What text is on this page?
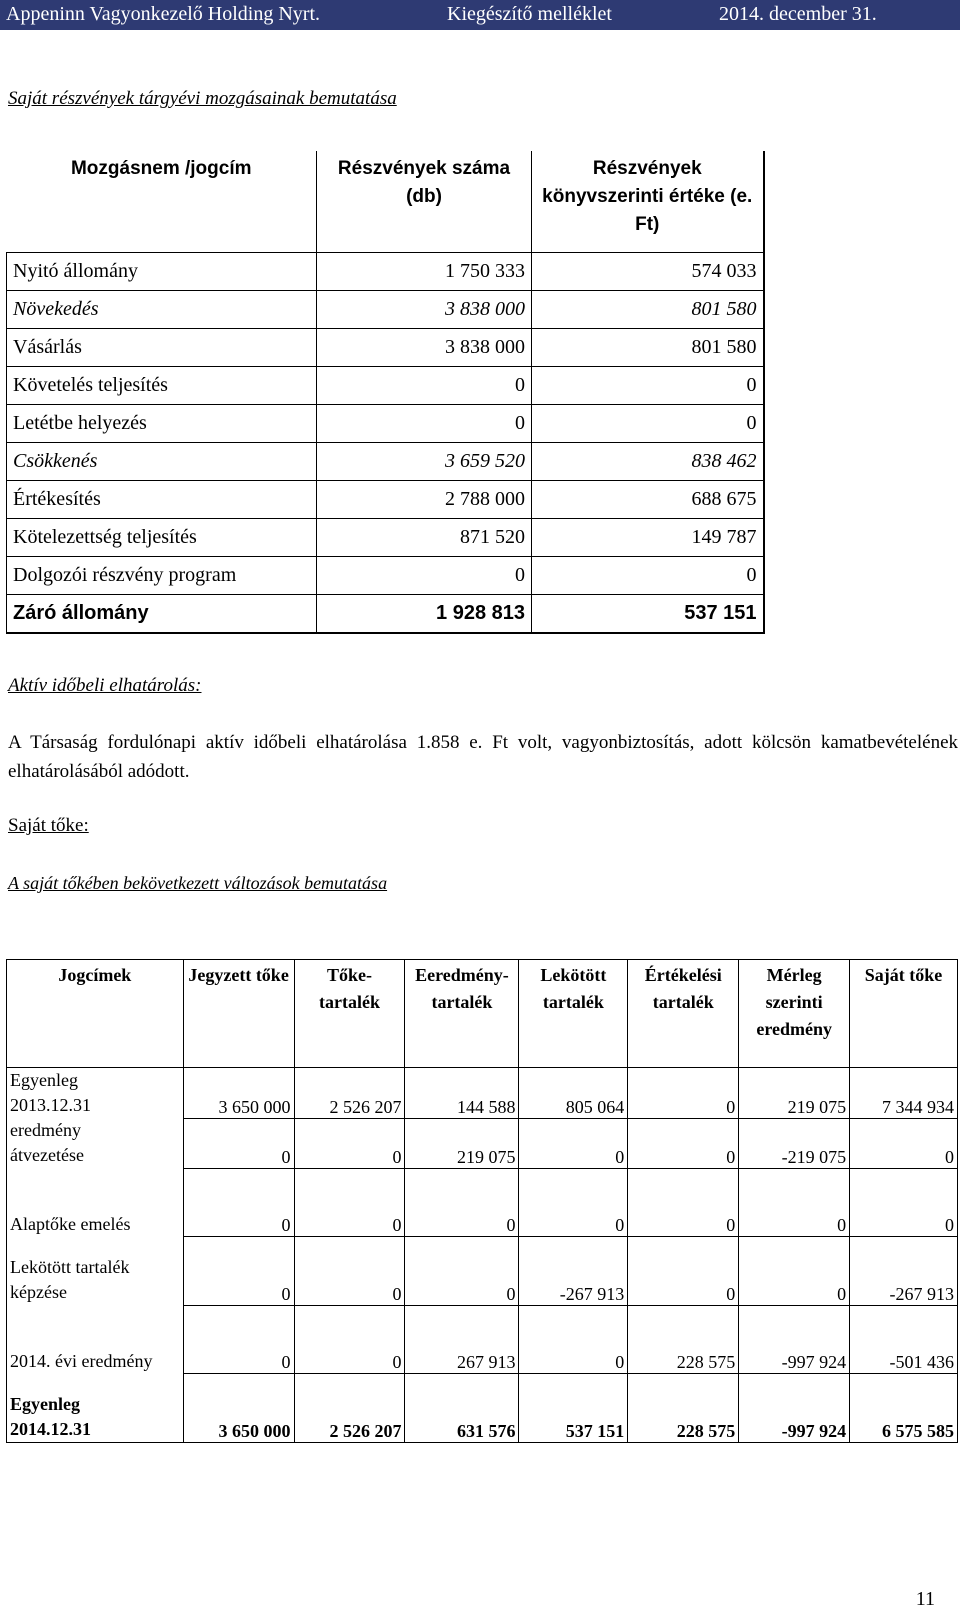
Appeninn Vagyonkezelő Holding Nyrt.	Kiegészítő melléklet	2014. december 31.
Saját részvények tárgyévi mozgásainak bemutatása
Mozgásnem /jogcím	Részvények száma (db)	Részvények könyvszerinti értéke (e. Ft)
Nyitó állomány	1 750 333	574 033
Növekedés	3 838 000	801 580
Vásárlás	3 838 000	801 580
Követelés teljesítés	0	0
Letétbe helyezés	0	0
Csökkenés	3 659 520	838 462
Értékesítés	2 788 000	688 675
Kötelezettség teljesítés	871 520	149 787
Dolgozói részvény program	0	0
Záró állomány	1 928 813	537 151
Aktív időbeli elhatárolás:
A Társaság fordulónapi aktív időbeli elhatárolása 1.858 e. Ft volt, vagyonbiztosítás, adott kölcsön kamatbevételének elhatárolásából adódott.
Saját tőke:
A saját tőkében bekövetkezett változások bemutatása
Jogcímek	Jegyzett tőke	Tőke-tartalék	Eeredmény-tartalék	Lekötött tartalék	Értékelési tartalék	Mérleg szerinti eredmény	Saját tőke

Egyenleg
2013.12.31	3 650 000	2 526 207	144 588	805 064	0	219 075	7 344 934

eredmény
átvezetése	0	0	219 075	0	0	-219 075	0

Alaptőke emelés	0	0	0	0	0	0	0

Lekötött tartalék
képzése	0	0	0	-267 913	0	0	-267 913

2014. évi eredmény	0	0	267 913	0	228 575	-997 924	-501 436

Egyenleg
2014.12.31	3 650 000	2 526 207	631 576	537 151	228 575	-997 924	6 575 585
11
